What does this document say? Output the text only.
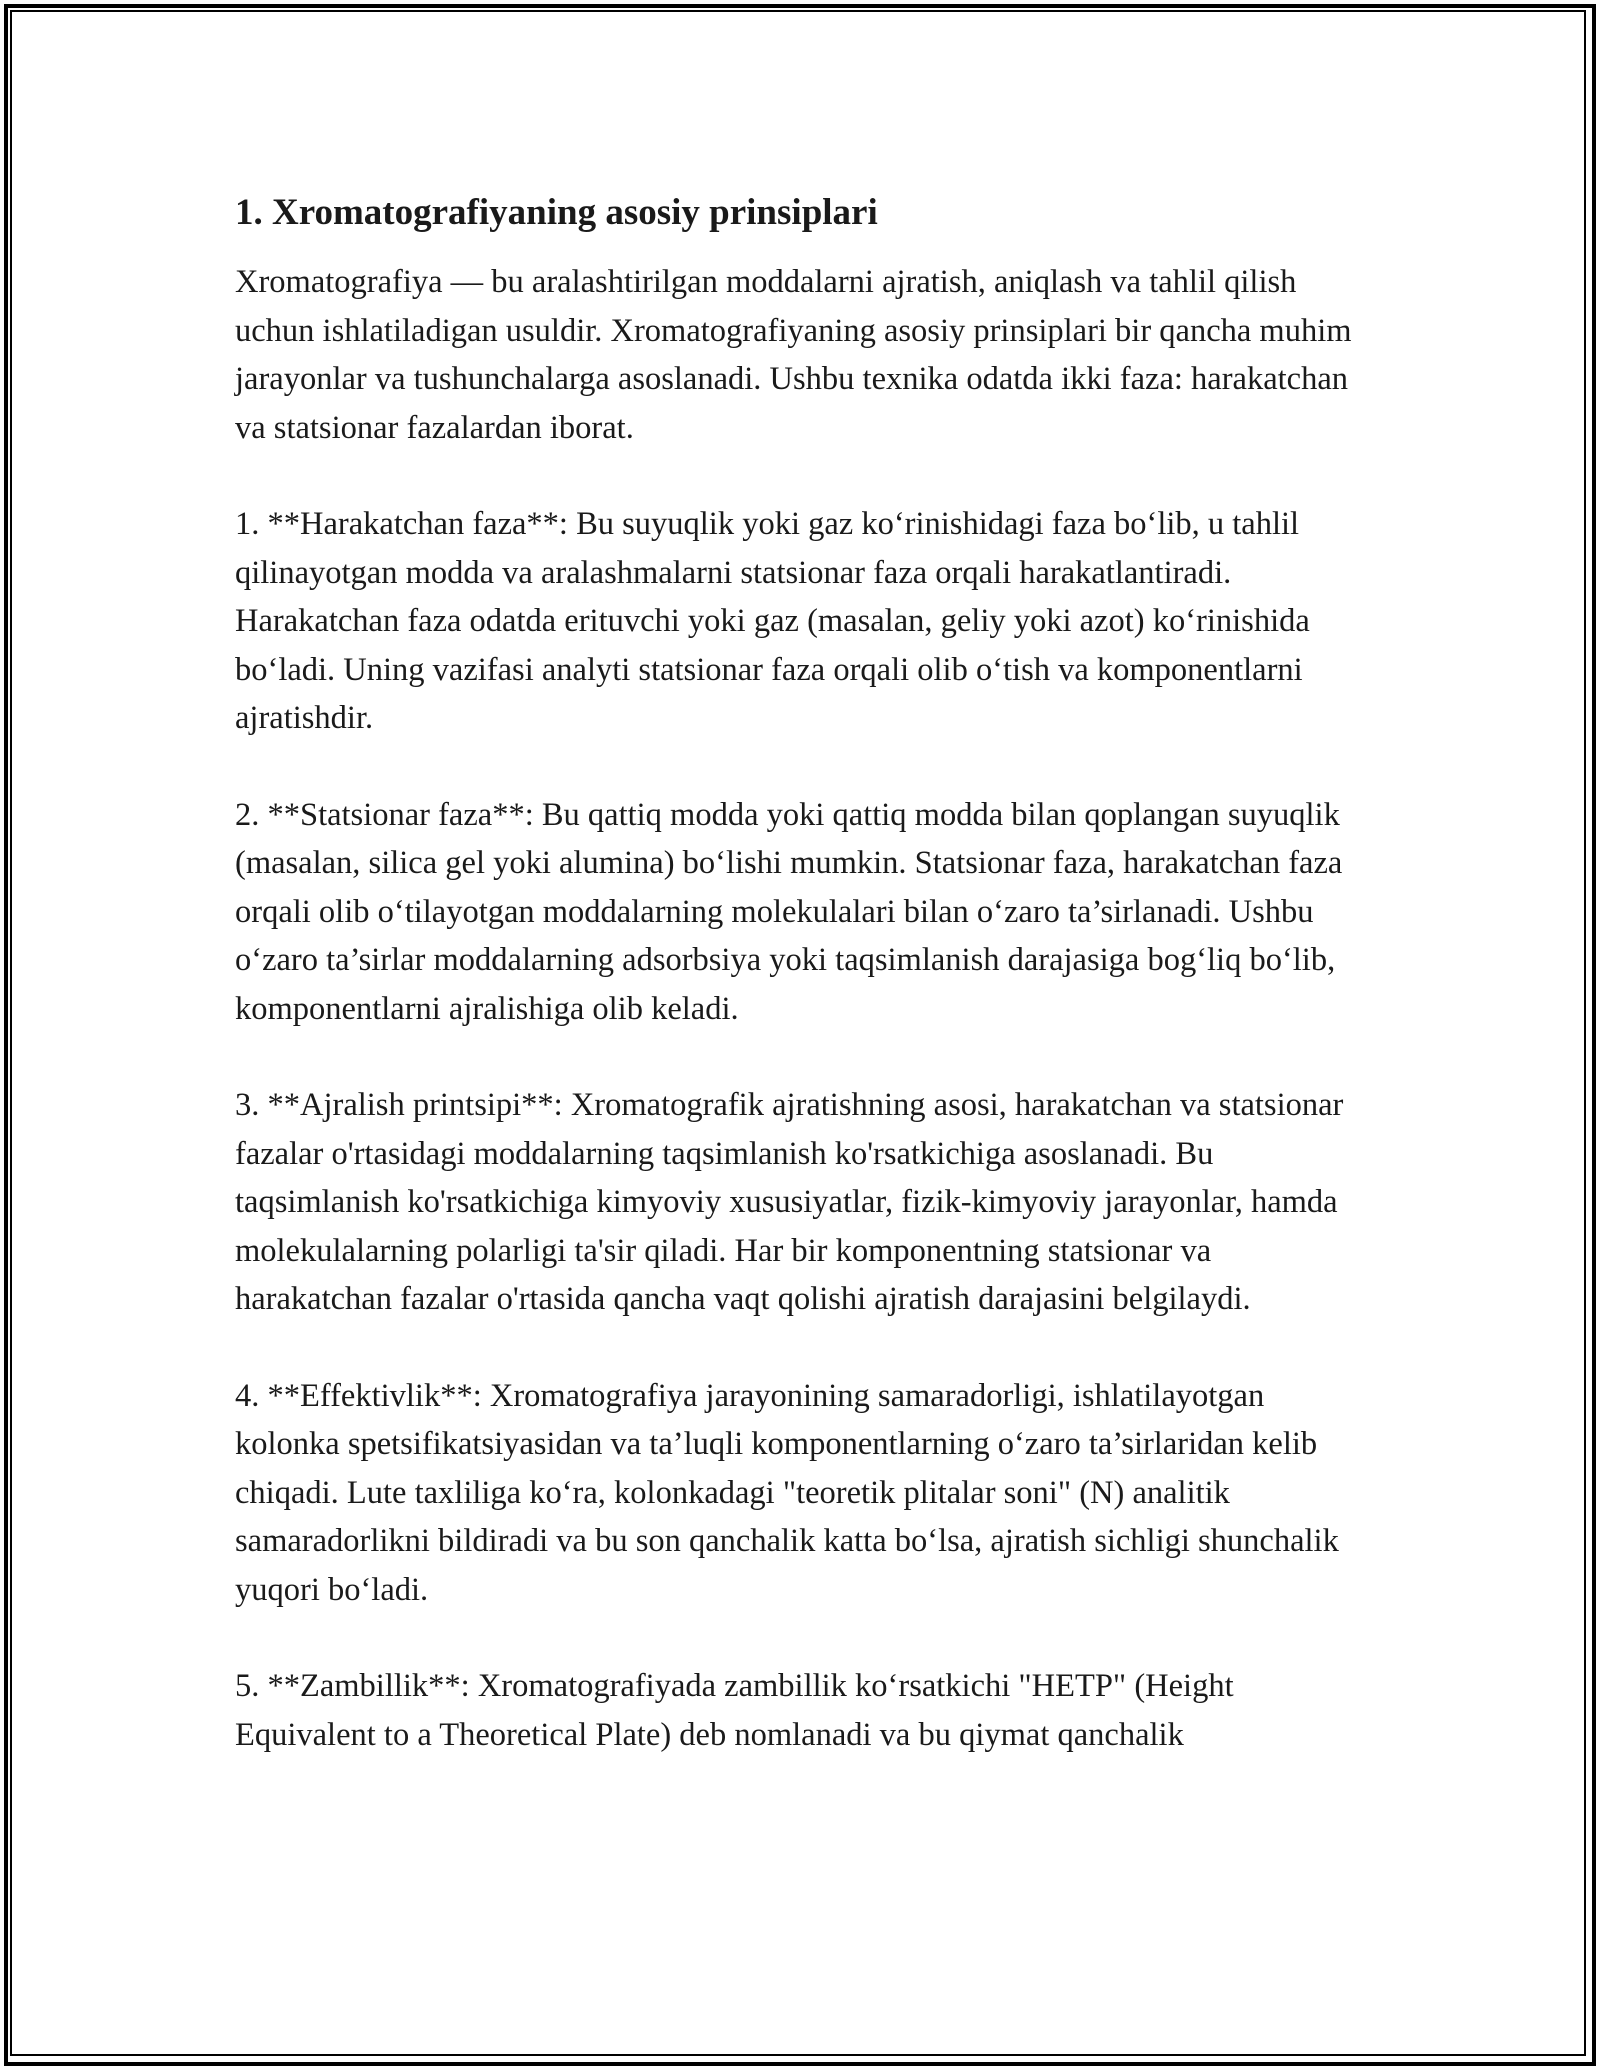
1. Xromatografiyaning asosiy prinsiplari

Xromatografiya — bu aralashtirilgan moddalarni ajratish, aniqlash va tahlil qilish uchun ishlatiladigan usuldir. Xromatografiyaning asosiy prinsiplari bir qancha muhim jarayonlar va tushunchalarga asoslanadi. Ushbu texnika odatda ikki faza: harakatchan va statsionar fazalardan iborat.

1. **Harakatchan faza**: Bu suyuqlik yoki gaz ko‘rinishidagi faza bo‘lib, u tahlil qilinayotgan modda va aralashmalarni statsionar faza orqali harakatlantiradi. Harakatchan faza odatda erituvchi yoki gaz (masalan, geliy yoki azot) ko‘rinishida bo‘ladi. Uning vazifasi analyti statsionar faza orqali olib o‘tish va komponentlarni ajratishdir.

2. **Statsionar faza**: Bu qattiq modda yoki qattiq modda bilan qoplangan suyuqlik (masalan, silica gel yoki alumina) bo‘lishi mumkin. Statsionar faza, harakatchan faza orqali olib o‘tilayotgan moddalarning molekulalari bilan o‘zaro ta’sirlanadi. Ushbu o‘zaro ta’sirlar moddalarning adsorbsiya yoki taqsimlanish darajasiga bog‘liq bo‘lib, komponentlarni ajralishiga olib keladi.

3. **Ajralish printsipi**: Xromatografik ajratishning asosi, harakatchan va statsionar fazalar o'rtasidagi moddalarning taqsimlanish ko'rsatkichiga asoslanadi. Bu taqsimlanish ko'rsatkichiga kimyoviy xususiyatlar, fizik-kimyoviy jarayonlar, hamda molekulalarning polarligi ta'sir qiladi. Har bir komponentning statsionar va harakatchan fazalar o'rtasida qancha vaqt qolishi ajratish darajasini belgilaydi.

4. **Effektivlik**: Xromatografiya jarayonining samaradorligi, ishlatilayotgan kolonka spetsifikatsiyasidan va ta’luqli komponentlarning o‘zaro ta’sirlaridan kelib chiqadi. Lute taxliliga ko‘ra, kolonkadagi "teoretik plitalar soni" (N) analitik samaradorlikni bildiradi va bu son qanchalik katta bo‘lsa, ajratish sichligi shunchalik yuqori bo‘ladi.

5. **Zambillik**: Xromatografiyada zambillik ko‘rsatkichi "HETP" (Height Equivalent to a Theoretical Plate) deb nomlanadi va bu qiymat qanchalik
